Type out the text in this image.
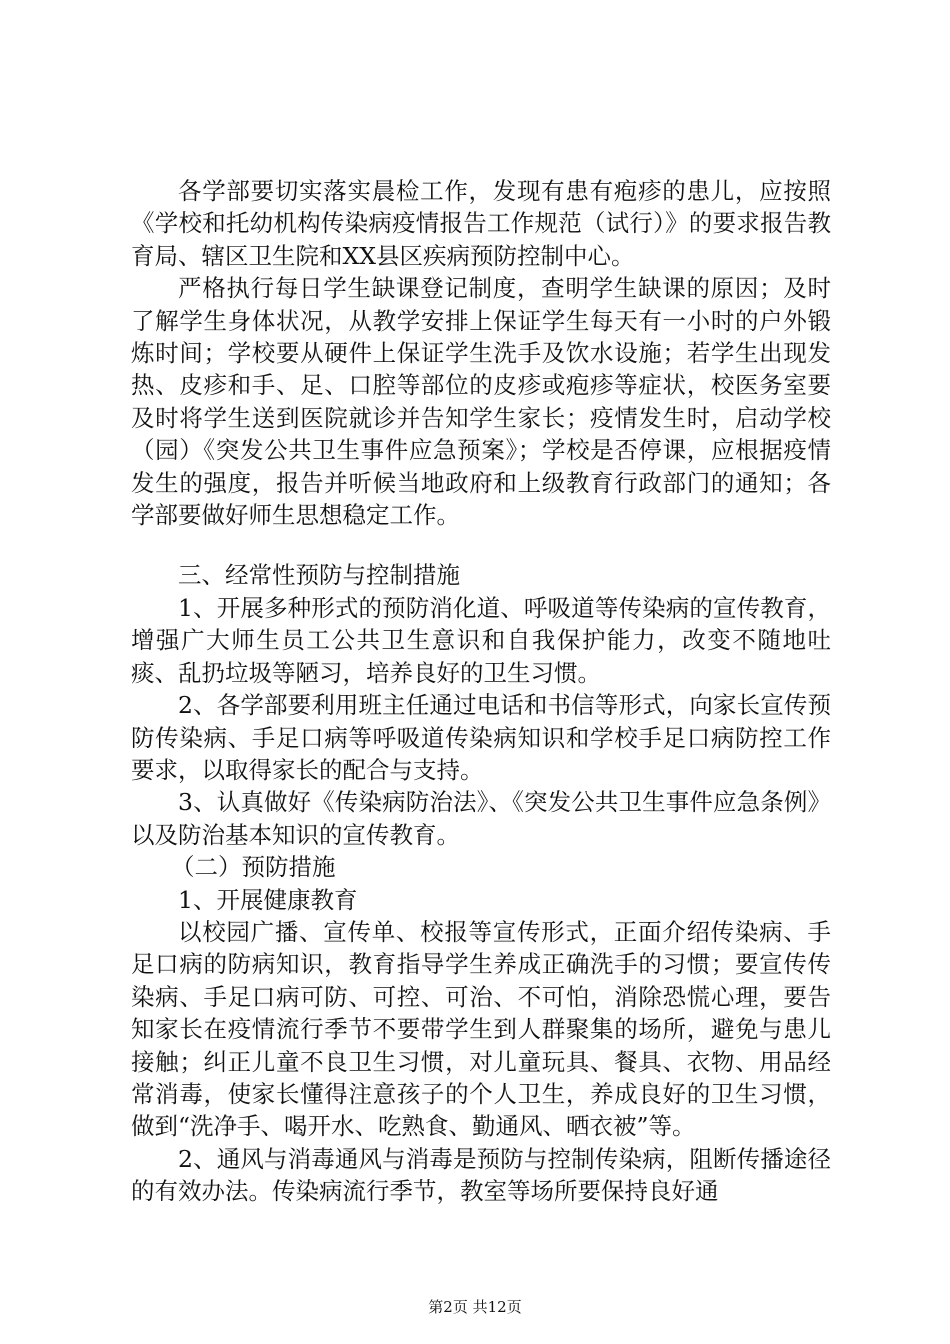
各学部要切实落实晨检工作，发现有患有疱疹的患儿，应按照《学校和托幼机构传染病疫情报告工作规范（试行）》的要求报告教育局、辖区卫生院和XX县区疾病预防控制中心。

严格执行每日学生缺课登记制度，查明学生缺课的原因；及时了解学生身体状况，从教学安排上保证学生每天有一小时的户外锻炼时间；学校要从硬件上保证学生洗手及饮水设施；若学生出现发热、皮疹和手、足、口腔等部位的皮疹或疱疹等症状，校医务室要及时将学生送到医院就诊并告知学生家长；疫情发生时，启动学校（园）《突发公共卫生事件应急预案》；学校是否停课，应根据疫情发生的强度，报告并听候当地政府和上级教育行政部门的通知；各学部要做好师生思想稳定工作。

三、经常性预防与控制措施

1、开展多种形式的预防消化道、呼吸道等传染病的宣传教育，增强广大师生员工公共卫生意识和自我保护能力，改变不随地吐痰、乱扔垃圾等陋习，培养良好的卫生习惯。

2、各学部要利用班主任通过电话和书信等形式，向家长宣传预防传染病、手足口病等呼吸道传染病知识和学校手足口病防控工作要求，以取得家长的配合与支持。

3、认真做好《传染病防治法》、《突发公共卫生事件应急条例》以及防治基本知识的宣传教育。

（二）预防措施

1、开展健康教育

以校园广播、宣传单、校报等宣传形式，正面介绍传染病、手足口病的防病知识，教育指导学生养成正确洗手的习惯；要宣传传染病、手足口病可防、可控、可治、不可怕，消除恐慌心理，要告知家长在疫情流行季节不要带学生到人群聚集的场所，避免与患儿接触；纠正儿童不良卫生习惯，对儿童玩具、餐具、衣物、用品经常消毒，使家长懂得注意孩子的个人卫生，养成良好的卫生习惯，做到“洗净手、喝开水、吃熟食、勤通风、晒衣被”等。

2、通风与消毒通风与消毒是预防与控制传染病，阻断传播途径的有效办法。传染病流行季节，教室等场所要保持良好通

第2页 共12页
